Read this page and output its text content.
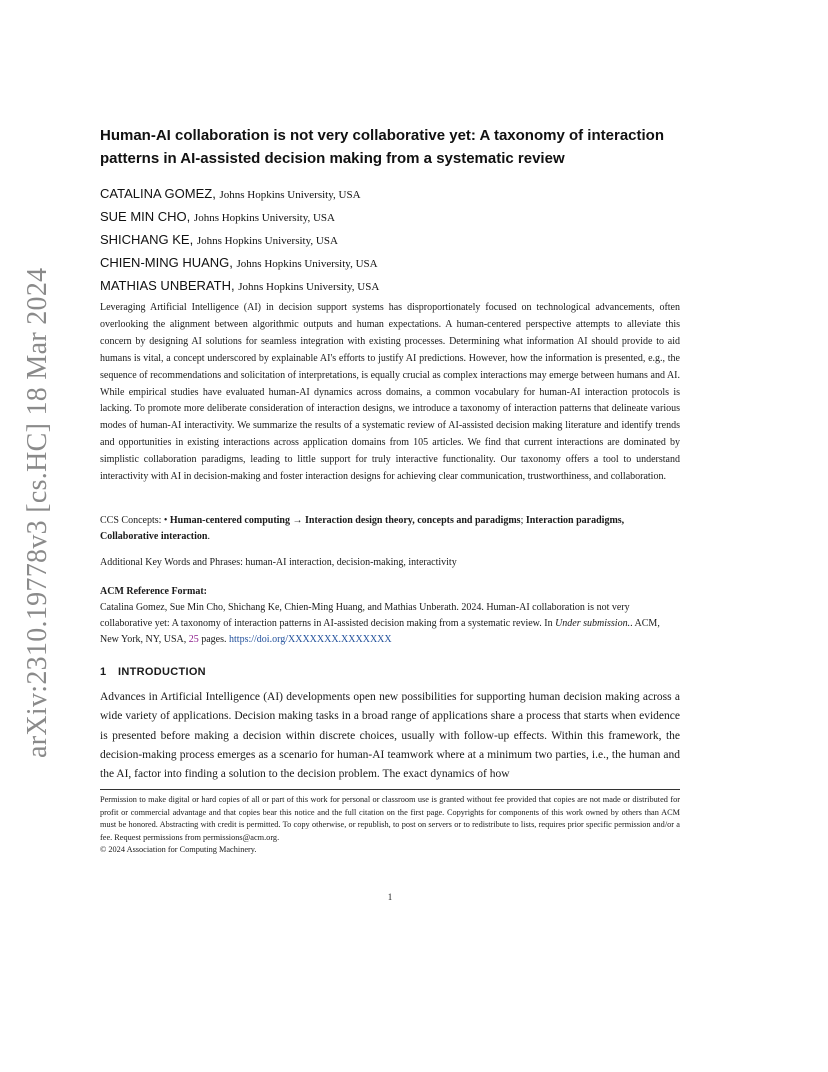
arXiv:2310.19778v3 [cs.HC] 18 Mar 2024
Human-AI collaboration is not very collaborative yet: A taxonomy of interaction patterns in AI-assisted decision making from a systematic review
CATALINA GOMEZ, Johns Hopkins University, USA
SUE MIN CHO, Johns Hopkins University, USA
SHICHANG KE, Johns Hopkins University, USA
CHIEN-MING HUANG, Johns Hopkins University, USA
MATHIAS UNBERATH, Johns Hopkins University, USA
Leveraging Artificial Intelligence (AI) in decision support systems has disproportionately focused on technological advancements, often overlooking the alignment between algorithmic outputs and human expectations. A human-centered perspective attempts to alleviate this concern by designing AI solutions for seamless integration with existing processes. Determining what information AI should provide to aid humans is vital, a concept underscored by explainable AI's efforts to justify AI predictions. However, how the information is presented, e.g., the sequence of recommendations and solicitation of interpretations, is equally crucial as complex interactions may emerge between humans and AI. While empirical studies have evaluated human-AI dynamics across domains, a common vocabulary for human-AI interaction protocols is lacking. To promote more deliberate consideration of interaction designs, we introduce a taxonomy of interaction patterns that delineate various modes of human-AI interactivity. We summarize the results of a systematic review of AI-assisted decision making literature and identify trends and opportunities in existing interactions across application domains from 105 articles. We find that current interactions are dominated by simplistic collaboration paradigms, leading to little support for truly interactive functionality. Our taxonomy offers a tool to understand interactivity with AI in decision-making and foster interaction designs for achieving clear communication, trustworthiness, and collaboration.
CCS Concepts: • Human-centered computing → Interaction design theory, concepts and paradigms; Interaction paradigms, Collaborative interaction.
Additional Key Words and Phrases: human-AI interaction, decision-making, interactivity
ACM Reference Format:
Catalina Gomez, Sue Min Cho, Shichang Ke, Chien-Ming Huang, and Mathias Unberath. 2024. Human-AI collaboration is not very collaborative yet: A taxonomy of interaction patterns in AI-assisted decision making from a systematic review. In Under submission.. ACM, New York, NY, USA, 25 pages. https://doi.org/XXXXXXX.XXXXXXX
1 INTRODUCTION
Advances in Artificial Intelligence (AI) developments open new possibilities for supporting human decision making across a wide variety of applications. Decision making tasks in a broad range of applications share a process that starts when evidence is presented before making a decision within discrete choices, usually with follow-up effects. Within this framework, the decision-making process emerges as a scenario for human-AI teamwork where at a minimum two parties, i.e., the human and the AI, factor into finding a solution to the decision problem. The exact dynamics of how
Permission to make digital or hard copies of all or part of this work for personal or classroom use is granted without fee provided that copies are not made or distributed for profit or commercial advantage and that copies bear this notice and the full citation on the first page. Copyrights for components of this work owned by others than ACM must be honored. Abstracting with credit is permitted. To copy otherwise, or republish, to post on servers or to redistribute to lists, requires prior specific permission and/or a fee. Request permissions from permissions@acm.org.
© 2024 Association for Computing Machinery.
1
